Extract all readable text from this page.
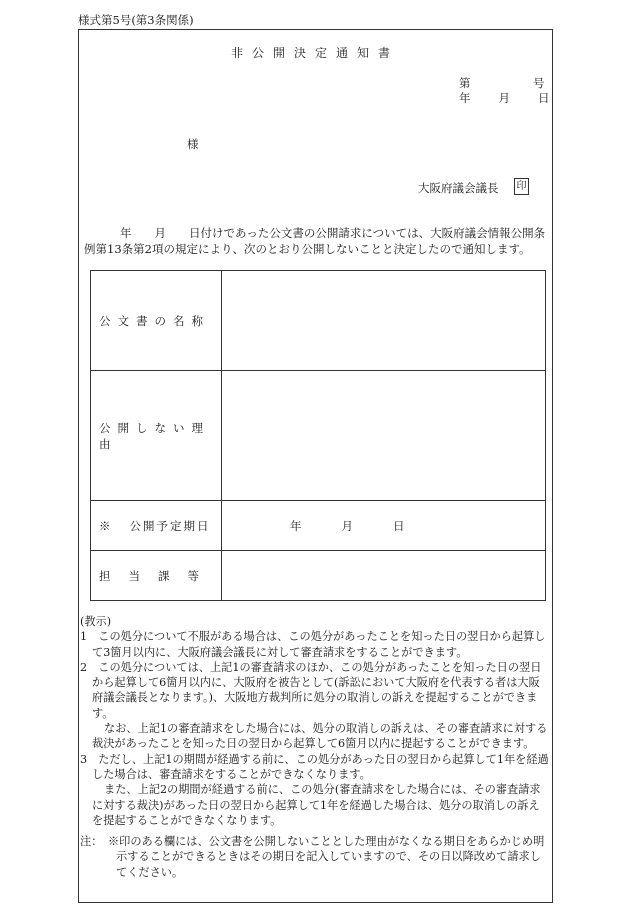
様式第5号(第3条関係)
非公開決定通知書
第	号
年 月 日
様
大阪府議会議長 印
年　　月　　日付けであった公文書の公開請求については、大阪府議会情報公開条
例第13条第2項の規定により、次のとおり公開しないことと決定したので通知します。
公文書の名称	
公開しない理由	
※ 公開予定期日	年 月 日

担当課等	

(教示)

1　この処分について不服がある場合は、この処分があったことを知った日の翌日から起算して3箇月以内に、大阪府議会議長に対して審査請求をすることができます。

2　この処分については、上記1の審査請求のほか、この処分があったことを知った日の翌日から起算して6箇月以内に、大阪府を被告として(訴訟において大阪府を代表する者は大阪府議会議長となります。)、大阪地方裁判所に処分の取消しの訴えを提起することができます。

なお、上記1の審査請求をした場合には、処分の取消しの訴えは、その審査請求に対する裁決があったことを知った日の翌日から起算して6箇月以内に提起することができます。

3　ただし、上記1の期間が経過する前に、この処分があった日の翌日から起算して1年を経過した場合は、審査請求をすることができなくなります。

また、上記2の期間が経過する前に、この処分(審査請求をした場合には、その審査請求に対する裁決)があった日の翌日から起算して1年を経過した場合は、処分の取消しの訴えを提起することができなくなります。

注：　※印のある欄には、公文書を公開しないこととした理由がなくなる期日をあらかじめ明示することができるときはその期日を記入していますので、その日以降改めて請求してください。
